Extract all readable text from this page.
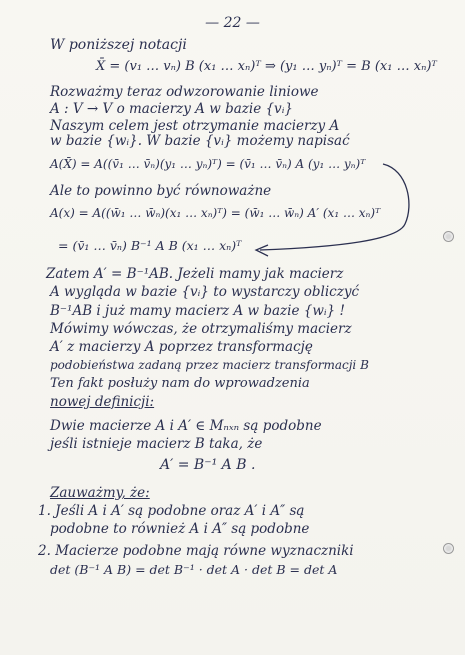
— 22 —
W poniższej notacji
X̄ = (v₁ … vₙ) B (x₁ … xₙ)ᵀ ⇒ (y₁ … yₙ)ᵀ = B (x₁ … xₙ)ᵀ
Rozważmy teraz odwzorowanie liniowe
A : V → V o macierzy A w bazie {vᵢ}
Naszym celem jest otrzymanie macierzy A
w bazie {wᵢ}. W bazie {vᵢ} możemy napisać
A(X̄) = A((v̄₁ … v̄ₙ)(y₁ … yₙ)ᵀ) = (v̄₁ … v̄ₙ) A (y₁ … yₙ)ᵀ
Ale to powinno być równoważne
A(x) = A((w̄₁ … w̄ₙ)(x₁ … xₙ)ᵀ) = (w̄₁ … w̄ₙ) A′ (x₁ … xₙ)ᵀ
= (v̄₁ … v̄ₙ) B⁻¹ A B (x₁ … xₙ)ᵀ
Zatem A′ = B⁻¹AB. Jeżeli mamy jak macierz
A wygląda w bazie {vᵢ} to wystarczy obliczyć
B⁻¹AB i już mamy macierz A w bazie {wᵢ} !
Mówimy wówczas, że otrzymaliśmy macierz
A′ z macierzy A poprzez transformację
podobieństwa zadaną przez macierz transformacji B
Ten fakt posłuży nam do wprowadzenia
nowej definicji:
Dwie macierze A i A′ ∈ Mₙₓₙ są podobne
jeśli istnieje macierz B taka, że
A′ = B⁻¹ A B .
Zauważmy, że:
1. Jeśli A i A′ są podobne oraz A′ i A″ są
podobne to również A i A″ są podobne
2. Macierze podobne mają równe wyznaczniki
det (B⁻¹ A B) = det B⁻¹ · det A · det B = det A
